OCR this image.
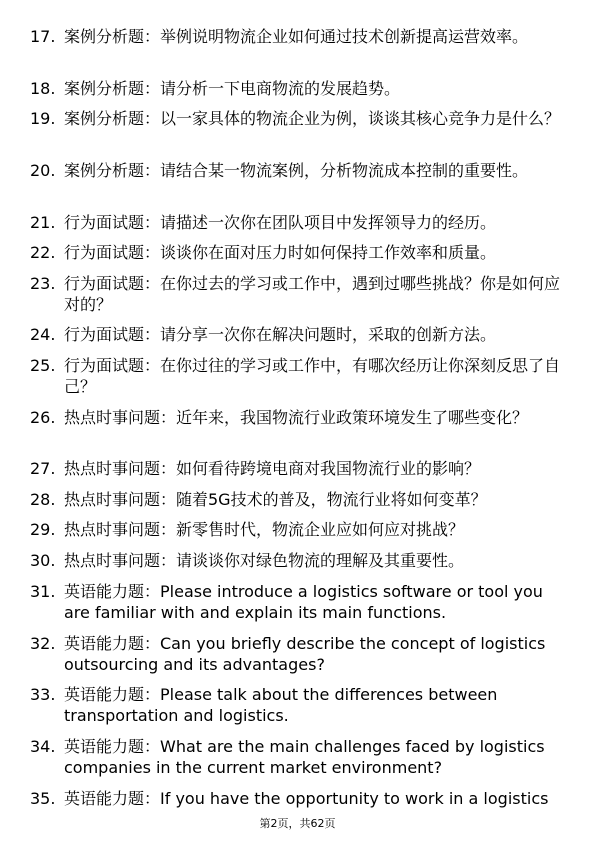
17. 案例分析题：举例说明物流企业如何通过技术创新提高运营效率。
18. 案例分析题：请分析一下电商物流的发展趋势。
19. 案例分析题：以一家具体的物流企业为例，谈谈其核心竞争力是什么？
20. 案例分析题：请结合某一物流案例，分析物流成本控制的重要性。
21. 行为面试题：请描述一次你在团队项目中发挥领导力的经历。
22. 行为面试题：谈谈你在面对压力时如何保持工作效率和质量。
23. 行为面试题：在你过去的学习或工作中，遇到过哪些挑战？你是如何应对的？
24. 行为面试题：请分享一次你在解决问题时，采取的创新方法。
25. 行为面试题：在你过往的学习或工作中，有哪次经历让你深刻反思了自己？
26. 热点时事问题：近年来，我国物流行业政策环境发生了哪些变化？
27. 热点时事问题：如何看待跨境电商对我国物流行业的影响？
28. 热点时事问题：随着5G技术的普及，物流行业将如何变革？
29. 热点时事问题：新零售时代，物流企业应如何应对挑战？
30. 热点时事问题：请谈谈你对绿色物流的理解及其重要性。
31. 英语能力题：Please introduce a logistics software or tool you are familiar with and explain its main functions.
32. 英语能力题：Can you briefly describe the concept of logistics outsourcing and its advantages?
33. 英语能力题：Please talk about the differences between transportation and logistics.
34. 英语能力题：What are the main challenges faced by logistics companies in the current market environment?
35. 英语能力题：If you have the opportunity to work in a logistics
第2页，共62页
